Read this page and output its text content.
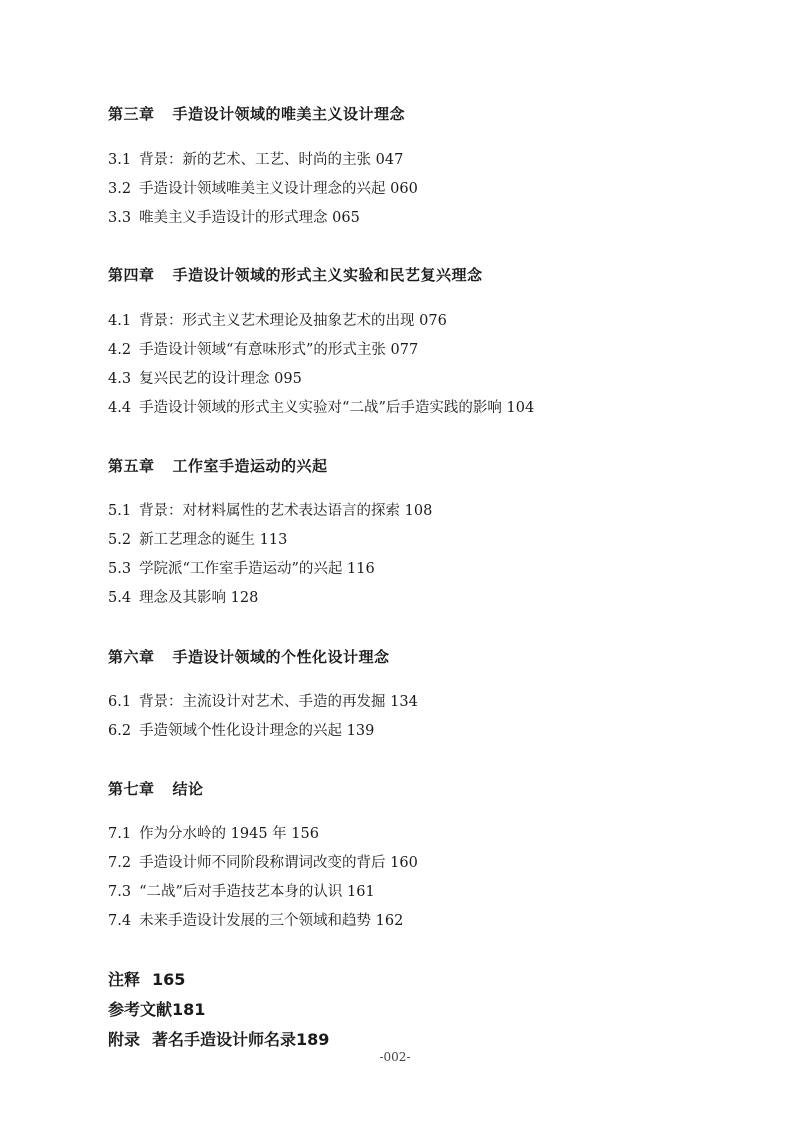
第三章 手造设计领域的唯美主义设计理念
3.1 背景：新的艺术、工艺、时尚的主张 047
3.2 手造设计领域唯美主义设计理念的兴起 060
3.3 唯美主义手造设计的形式理念 065
第四章 手造设计领域的形式主义实验和民艺复兴理念
4.1 背景：形式主义艺术理论及抽象艺术的出现 076
4.2 手造设计领域“有意味形式”的形式主张 077
4.3 复兴民艺的设计理念 095
4.4 手造设计领域的形式主义实验对“二战”后手造实践的影响 104
第五章 工作室手造运动的兴起
5.1 背景：对材料属性的艺术表达语言的探索 108
5.2 新工艺理念的诞生 113
5.3 学院派“工作室手造运动”的兴起 116
5.4 理念及其影响 128
第六章 手造设计领域的个性化设计理念
6.1 背景：主流设计对艺术、手造的再发掘 134
6.2 手造领域个性化设计理念的兴起 139
第七章 结论
7.1 作为分水岭的 1945 年 156
7.2 手造设计师不同阶段称谓词改变的背后 160
7.3 “二战”后对手造技艺本身的认识 161
7.4 未来手造设计发展的三个领域和趋势 162
注释 165
参考文献181
附录 著名手造设计师名录189
-002-
